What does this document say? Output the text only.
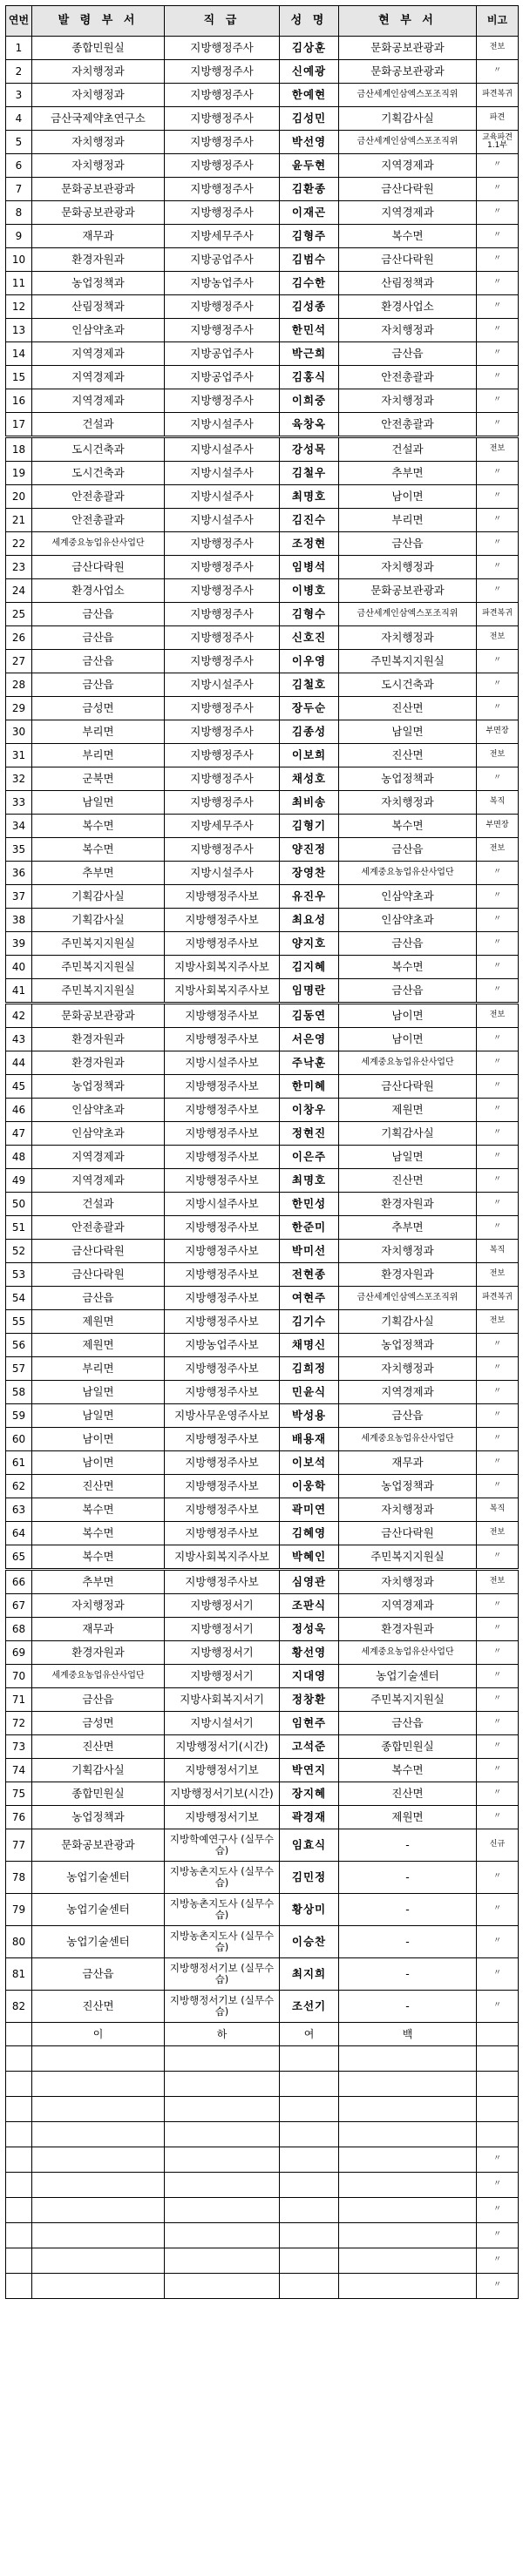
연번	발 령 부 서	직 급	성 명	현 부 서	비고
1	종합민원실	지방행정주사	김상훈	문화공보관광과	전보
2	자치행정과	지방행정주사	신예광	문화공보관광과	〃
3	자치행정과	지방행정주사	한예현	금산세계인삼엑스포조직위	파견복귀
4	금산국제약초연구소	지방행정주사	김성민	기획감사실	파견
5	자치행정과	지방행정주사	박선영	금산세계인삼엑스포조직위	교육파견 1.1부
6	자치행정과	지방행정주사	윤두현	지역경제과	〃
7	문화공보관광과	지방행정주사	김환종	금산다락원	〃
8	문화공보관광과	지방행정주사	이재곤	지역경제과	〃
9	재무과	지방세무주사	김형주	복수면	〃
10	환경자원과	지방공업주사	김범수	금산다락원	〃
11	농업정책과	지방농업주사	김수한	산림정책과	〃
12	산림정책과	지방행정주사	김성종	환경사업소	〃
13	인삼약초과	지방행정주사	한민석	자치행정과	〃
14	지역경제과	지방공업주사	박근희	금산읍	〃
15	지역경제과	지방공업주사	김홍식	안전총괄과	〃
16	지역경제과	지방행정주사	이희중	자치행정과	〃
17	건설과	지방시설주사	육창옥	안전총괄과	〃
18	도시건축과	지방시설주사	강성목	건설과	전보
19	도시건축과	지방시설주사	김철우	추부면	〃
20	안전총괄과	지방시설주사	최명호	남이면	〃
21	안전총괄과	지방시설주사	김진수	부리면	〃
22	세계중요농업유산사업단	지방행정주사	조정현	금산읍	〃
23	금산다락원	지방행정주사	임병석	자치행정과	〃
24	환경사업소	지방행정주사	이병호	문화공보관광과	〃
25	금산읍	지방행정주사	김형수	금산세계인삼엑스포조직위	파견복귀
26	금산읍	지방행정주사	신호진	자치행정과	전보
27	금산읍	지방행정주사	이우영	주민복지지원실	〃
28	금산읍	지방시설주사	김철호	도시건축과	〃
29	금성면	지방행정주사	장두순	진산면	〃
30	부리면	지방행정주사	김종성	남일면	부면장
31	부리면	지방행정주사	이보희	진산면	전보
32	군북면	지방행정주사	채성호	농업정책과	〃
33	남일면	지방행정주사	최비송	자치행정과	복직
34	복수면	지방세무주사	김형기	복수면	부면장
35	복수면	지방행정주사	양진정	금산읍	전보
36	추부면	지방시설주사	장영찬	세계중요농업유산사업단	〃
37	기획감사실	지방행정주사보	유진우	인삼약초과	〃
38	기획감사실	지방행정주사보	최요성	인삼약초과	〃
39	주민복지지원실	지방행정주사보	양지호	금산읍	〃
40	주민복지지원실	지방사회복지주사보	김지혜	복수면	〃
41	주민복지지원실	지방사회복지주사보	임명란	금산읍	〃
42	문화공보관광과	지방행정주사보	김동연	남이면	전보
43	환경자원과	지방행정주사보	서은영	남이면	〃
44	환경자원과	지방시설주사보	주낙훈	세계중요농업유산사업단	〃
45	농업정책과	지방행정주사보	한미혜	금산다락원	〃
46	인삼약초과	지방행정주사보	이창우	제원면	〃
47	인삼약초과	지방행정주사보	정현진	기획감사실	〃
48	지역경제과	지방행정주사보	이은주	남일면	〃
49	지역경제과	지방행정주사보	최명호	진산면	〃
50	건설과	지방시설주사보	한민성	환경자원과	〃
51	안전총괄과	지방행정주사보	한준미	추부면	〃
52	금산다락원	지방행정주사보	박미선	자치행정과	복직
53	금산다락원	지방행정주사보	전현종	환경자원과	전보
54	금산읍	지방행정주사보	여현주	금산세계인삼엑스포조직위	파견복귀
55	제원면	지방행정주사보	김기수	기획감사실	전보
56	제원면	지방농업주사보	채명신	농업정책과	〃
57	부리면	지방행정주사보	김희정	자치행정과	〃
58	남일면	지방행정주사보	민윤식	지역경제과	〃
59	남일면	지방사무운영주사보	박성용	금산읍	〃
60	남이면	지방행정주사보	배용재	세계중요농업유산사업단	〃
61	남이면	지방행정주사보	이보석	재무과	〃
62	진산면	지방행정주사보	이웅학	농업정책과	〃
63	복수면	지방행정주사보	곽미연	자치행정과	복직
64	복수면	지방행정주사보	김혜영	금산다락원	전보
65	복수면	지방사회복지주사보	박혜인	주민복지지원실	〃
66	추부면	지방행정주사보	심영관	자치행정과	전보
67	자치행정과	지방행정서기	조판식	지역경제과	〃
68	재무과	지방행정서기	정성욱	환경자원과	〃
69	환경자원과	지방행정서기	황선영	세계중요농업유산사업단	〃
70	세계중요농업유산사업단	지방행정서기	지대영	농업기술센터	〃
71	금산읍	지방사회복지서기	정창환	주민복지지원실	〃
72	금성면	지방시설서기	임현주	금산읍	〃
73	진산면	지방행정서기(시간)	고석준	종합민원실	〃
74	기획감사실	지방행정서기보	박연지	복수면	〃
75	종합민원실	지방행정서기보(시간)	장지혜	진산면	〃
76	농업정책과	지방행정서기보	곽경재	제원면	〃
77	문화공보관광과	지방학예연구사 (실무수습)	임효식	-	신규
78	농업기술센터	지방농촌지도사 (실무수습)	김민정	-	〃
79	농업기술센터	지방농촌지도사 (실무수습)	황상미	-	〃
80	농업기술센터	지방농촌지도사 (실무수습)	이승찬	-	〃
81	금산읍	지방행정서기보 (실무수습)	최지희	-	〃
82	진산면	지방행정서기보 (실무수습)	조선기	-	〃
	이	하	여	백	

					〃
					〃
					〃
					〃
					〃
					〃
